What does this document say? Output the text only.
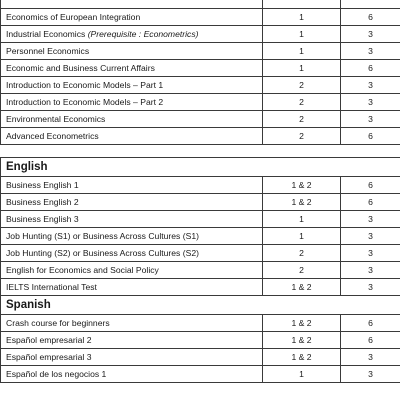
Economics of European Integration	1	6
Industrial Economics (Prerequisite : Econometrics)	1	3
Personnel Economics	1	3
Economic and Business Current Affairs	1	6
Introduction to Economic Models – Part 1	2	3
Introduction to Economic Models – Part 2	2	3
Environmental Economics	2	3
Advanced Econometrics	2	6

English		
Business English 1	1 & 2	6
Business English 2	1 & 2	6
Business English 3	1	3
Job Hunting (S1) or Business Across Cultures (S1)	1	3
Job Hunting (S2) or Business Across Cultures (S2)	2	3
English for Economics and Social Policy	2	3
IELTS International Test	1 & 2	3
Spanish		
Crash course for beginners	1 & 2	6
Español empresarial 2	1 & 2	6
Español empresarial 3	1 & 2	3
Español de los negocios 1	1	3
